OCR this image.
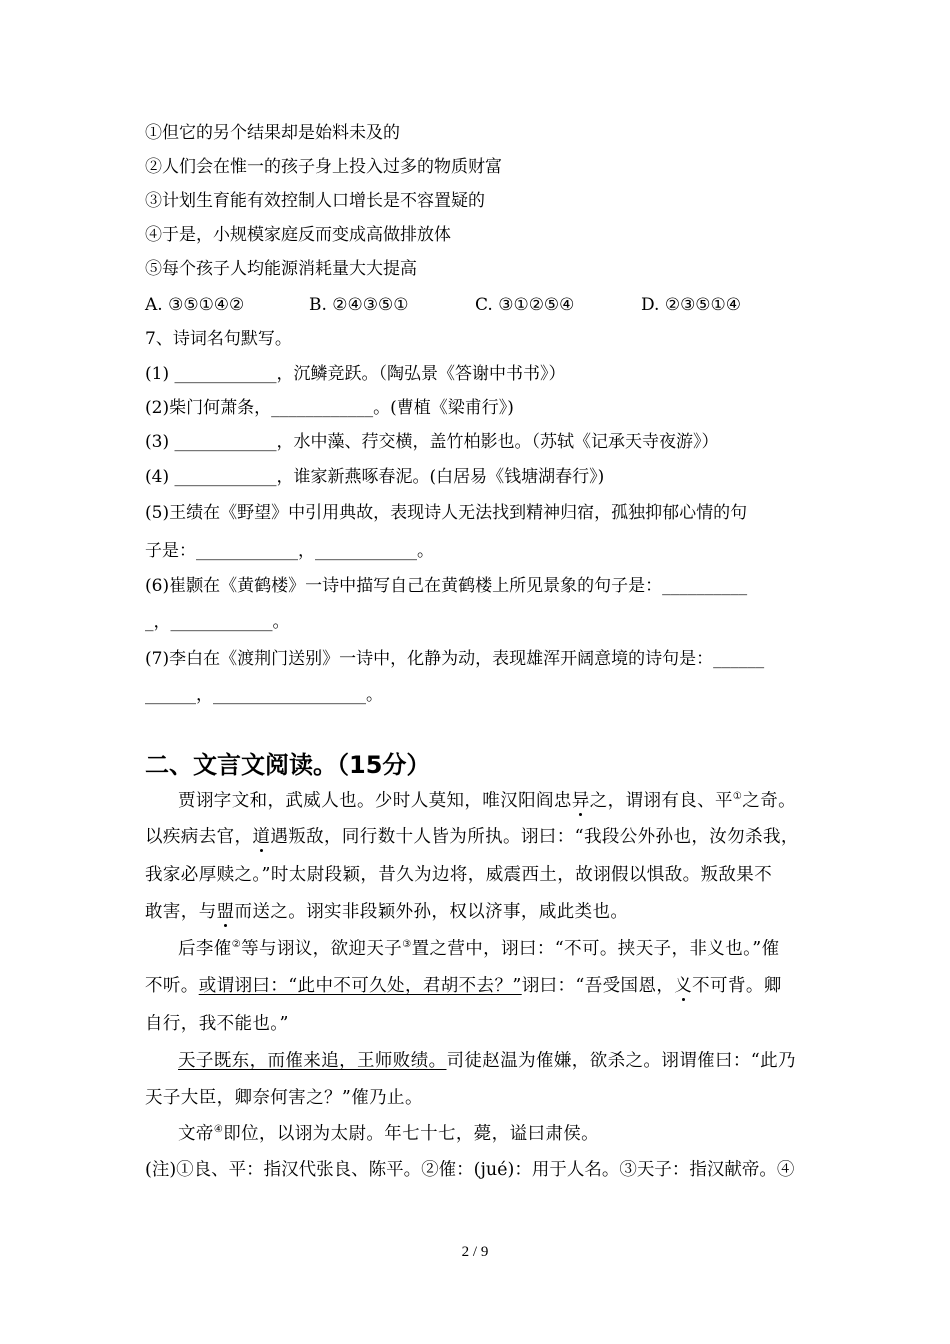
①但它的另个结果却是始料未及的
②人们会在惟一的孩子身上投入过多的物质财富
③计划生育能有效控制人口增长是不容置疑的
④于是，小规模家庭反而变成高做排放体
⑤每个孩子人均能源消耗量大大提高
A. ③⑤①④②	B. ②④③⑤①	C. ③①②⑤④	D. ②③⑤①④
7、诗词名句默写。
(1) ____________，沉鳞竞跃。（陶弘景《答谢中书书》）
(2)柴门何萧条，____________。(曹植《梁甫行》)
(3) ____________，水中藻、荇交横，盖竹柏影也。（苏轼《记承天寺夜游》）
(4) ____________，谁家新燕啄春泥。(白居易《钱塘湖春行》)
(5)王绩在《野望》中引用典故，表现诗人无法找到精神归宿，孤独抑郁心情的句
子是：____________，____________。
(6)崔颢在《黄鹤楼》一诗中描写自己在黄鹤楼上所见景象的句子是：__________
_，____________。
(7)李白在《渡荆门送别》一诗中，化静为动，表现雄浑开阔意境的诗句是：______
______，__________________。
二、文言文阅读。（15分）
贾诩字文和，武威人也。少时人莫知，唯汉阳阎忠异之，谓诩有良、平①之奇。
以疾病去官，道遇叛敌，同行数十人皆为所执。诩曰：“我段公外孙也，汝勿杀我，
我家必厚赎之。”时太尉段颖，昔久为边将，威震西土，故诩假以惧敌。叛敌果不
敢害，与盟而送之。诩实非段颖外孙，权以济事，咸此类也。
后李傕②等与诩议，欲迎天子③置之营中，诩曰：“不可。挟天子，非义也。”傕
不听。或谓诩曰：“此中不可久处，君胡不去？”诩曰：“吾受国恩，义不可背。卿
自行，我不能也。”
天子既东，而傕来追，王师败绩。司徒赵温为傕嫌，欲杀之。诩谓傕曰：“此乃
天子大臣，卿奈何害之？”傕乃止。
文帝④即位，以诩为太尉。年七十七，薨，谥曰肃侯。
(注)①良、平：指汉代张良、陈平。②傕：(jué)：用于人名。③天子：指汉献帝。④
2 / 9
